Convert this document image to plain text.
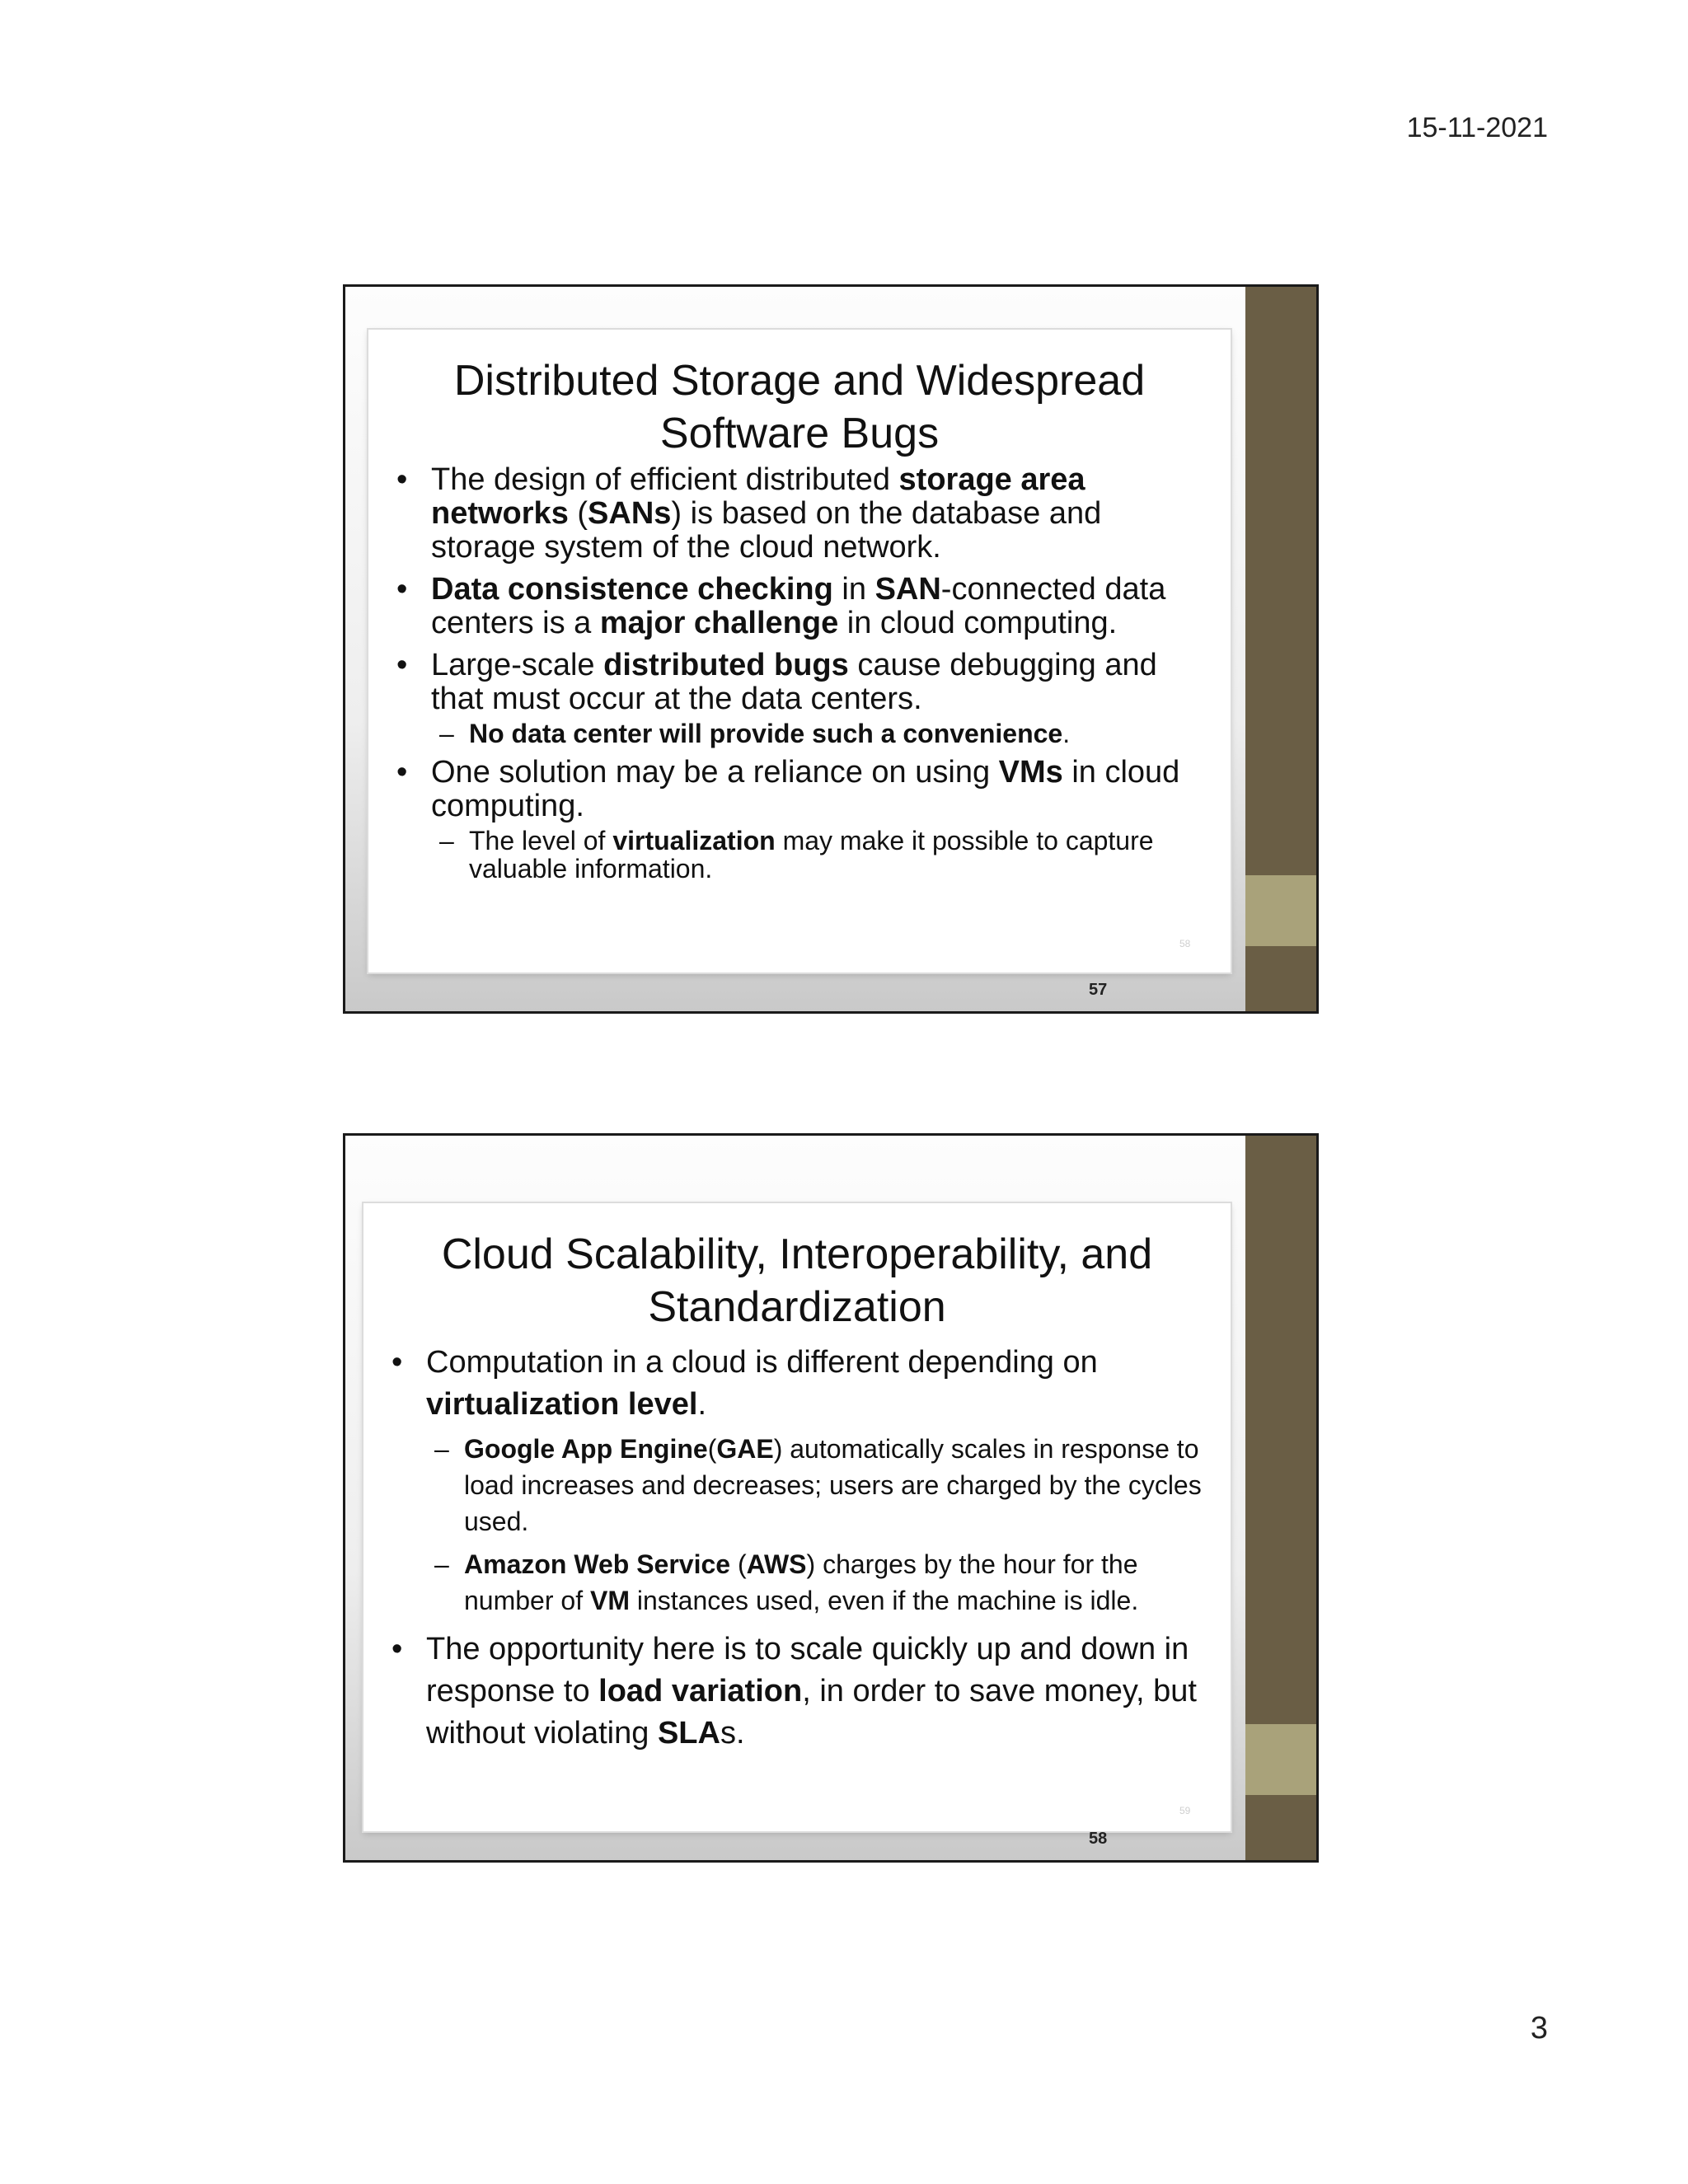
15-11-2021
Distributed Storage and Widespread
Software Bugs
• The design of efficient distributed storage area networks (SANs) is based on the database and storage system of the cloud network.
• Data consistence checking in SAN-connected data centers is a major challenge in cloud computing.
• Large-scale distributed bugs cause debugging and that must occur at the data centers.
– No data center will provide such a convenience.
• One solution may be a reliance on using VMs in cloud computing.
– The level of virtualization may make it possible to capture valuable information.
58
57
Cloud Scalability, Interoperability, and
Standardization
• Computation in a cloud is different depending on virtualization level.
– Google App Engine(GAE) automatically scales in response to load increases and decreases; users are charged by the cycles used.
– Amazon Web Service (AWS) charges by the hour for the number of VM instances used, even if the machine is idle.
• The opportunity here is to scale quickly up and down in response to load variation, in order to save money, but without violating SLAs.
59
58
3
